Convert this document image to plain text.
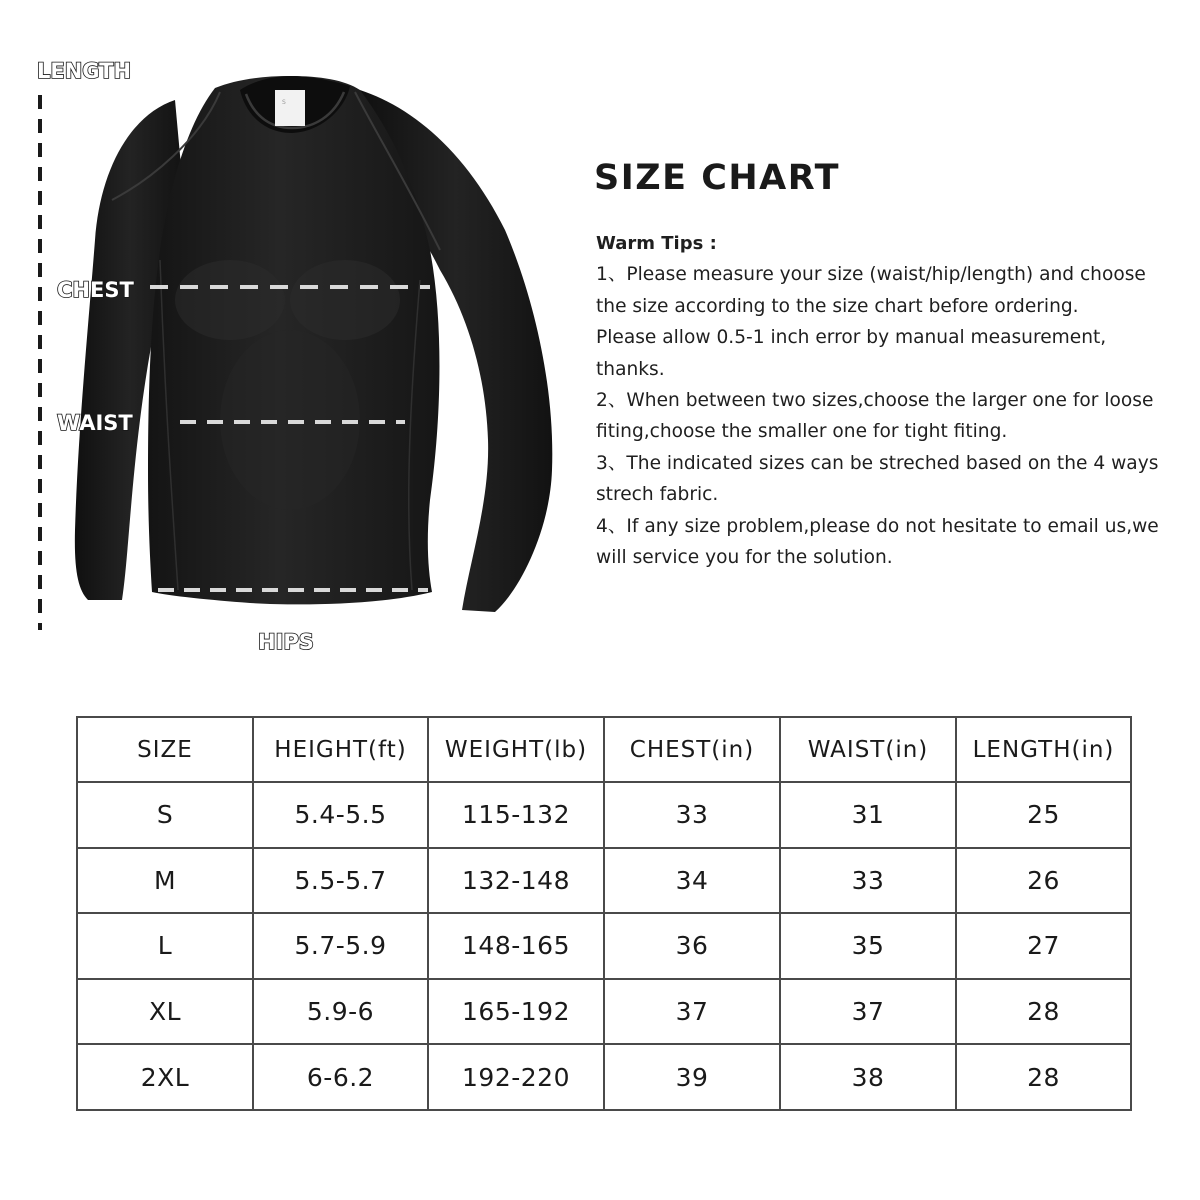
S
LENGTH
CHEST
WAIST
HIPS
SIZE CHART

Warm Tips :

1、Please measure your size (waist/hip/length) and choose

the size according to the size chart before ordering.

Please allow 0.5-1 inch error by manual measurement,

thanks.

2、When between two sizes,choose the larger one for loose

fiting,choose the smaller one for tight fiting.

3、The indicated sizes can be streched based on the 4 ways

strech fabric.

4、If any size problem,please do not hesitate to email us,we

will service you for the solution.

SIZE	HEIGHT(ft)	WEIGHT(lb)	CHEST(in)	WAIST(in)	LENGTH(in)
S	5.4-5.5	115-132	33	31	25
M	5.5-5.7	132-148	34	33	26
L	5.7-5.9	148-165	36	35	27
XL	5.9-6	165-192	37	37	28
2XL	6-6.2	192-220	39	38	28
